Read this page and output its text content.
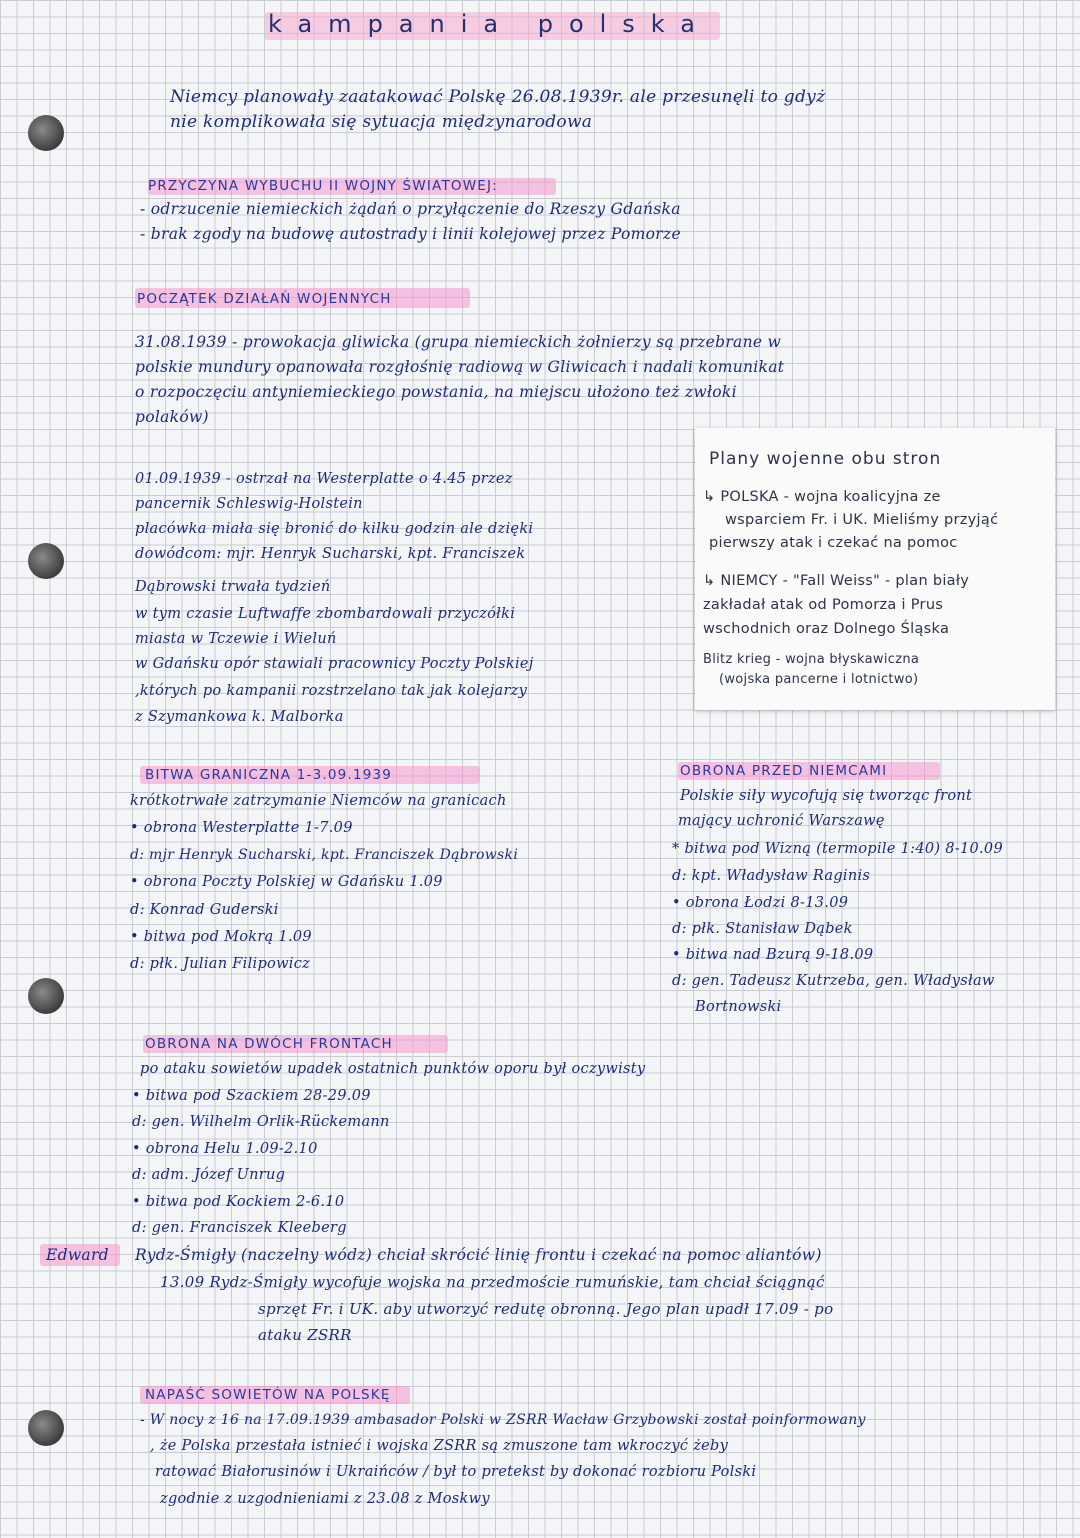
kampania polska
Niemcy planowały zaatakować Polskę 26.08.1939r. ale przesunęli to gdyż
nie komplikowała się sytuacja międzynarodowa
PRZYCZYNA WYBUCHU II WOJNY ŚWIATOWEJ:
- odrzucenie niemieckich żądań o przyłączenie do Rzeszy Gdańska
- brak zgody na budowę autostrady i linii kolejowej przez Pomorze
POCZĄTEK DZIAŁAŃ WOJENNYCH
31.08.1939 - prowokacja gliwicka (grupa niemieckich żołnierzy są przebrane w
polskie mundury opanowała rozgłośnię radiową w Gliwicach i nadali komunikat
o rozpoczęciu antyniemieckiego powstania, na miejscu ułożono też zwłoki
polaków)
01.09.1939 - ostrzał na Westerplatte o 4.45 przez
pancernik Schleswig-Holstein
placówka miała się bronić do kilku godzin ale dzięki
dowódcom: mjr. Henryk Sucharski, kpt. Franciszek
Dąbrowski trwała tydzień
w tym czasie Luftwaffe zbombardowali przyczółki
miasta w Tczewie i Wieluń
w Gdańsku opór stawiali pracownicy Poczty Polskiej
,których po kampanii rozstrzelano tak jak kolejarzy
z Szymankowa k. Malborka
Plany wojenne obu stron
↳ POLSKA - wojna koalicyjna ze
wsparciem Fr. i UK. Mieliśmy przyjąć
pierwszy atak i czekać na pomoc
↳ NIEMCY - "Fall Weiss" - plan biały
zakładał atak od Pomorza i Prus
wschodnich oraz Dolnego Śląska
Blitz krieg - wojna błyskawiczna
(wojska pancerne i lotnictwo)
BITWA GRANICZNA 1-3.09.1939
krótkotrwałe zatrzymanie Niemców na granicach
• obrona Westerplatte 1-7.09
d: mjr Henryk Sucharski, kpt. Franciszek Dąbrowski
• obrona Poczty Polskiej w Gdańsku 1.09
d: Konrad Guderski
• bitwa pod Mokrą 1.09
d: płk. Julian Filipowicz
OBRONA PRZED NIEMCAMI
Polskie siły wycofują się tworząc front
mający uchronić Warszawę
* bitwa pod Wizną (termopile 1:40) 8-10.09
d: kpt. Władysław Raginis
• obrona Łodzi 8-13.09
d: płk. Stanisław Dąbek
• bitwa nad Bzurą 9-18.09
d: gen. Tadeusz Kutrzeba, gen. Władysław
Bortnowski
OBRONA NA DWÓCH FRONTACH
po ataku sowietów upadek ostatnich punktów oporu był oczywisty
• bitwa pod Szackiem 28-29.09
d: gen. Wilhelm Orlik-Rückemann
• obrona Helu 1.09-2.10
d: adm. Józef Unrug
• bitwa pod Kockiem 2-6.10
d: gen. Franciszek Kleeberg
Edward Rydz-Śmigły (naczelny wódz) chciał skrócić linię frontu i czekać na pomoc aliantów)
13.09 Rydz-Śmigły wycofuje wojska na przedmoście rumuńskie, tam chciał ściągnąć
sprzęt Fr. i UK. aby utworzyć redutę obronną. Jego plan upadł 17.09 - po
ataku ZSRR
NAPAŚĆ SOWIETÓW NA POLSKĘ
- W nocy z 16 na 17.09.1939 ambasador Polski w ZSRR Wacław Grzybowski został poinformowany
, że Polska przestała istnieć i wojska ZSRR są zmuszone tam wkroczyć żeby
ratować Białorusinów i Ukraińców / był to pretekst by dokonać rozbioru Polski
zgodnie z uzgodnieniami z 23.08 z Moskwy
